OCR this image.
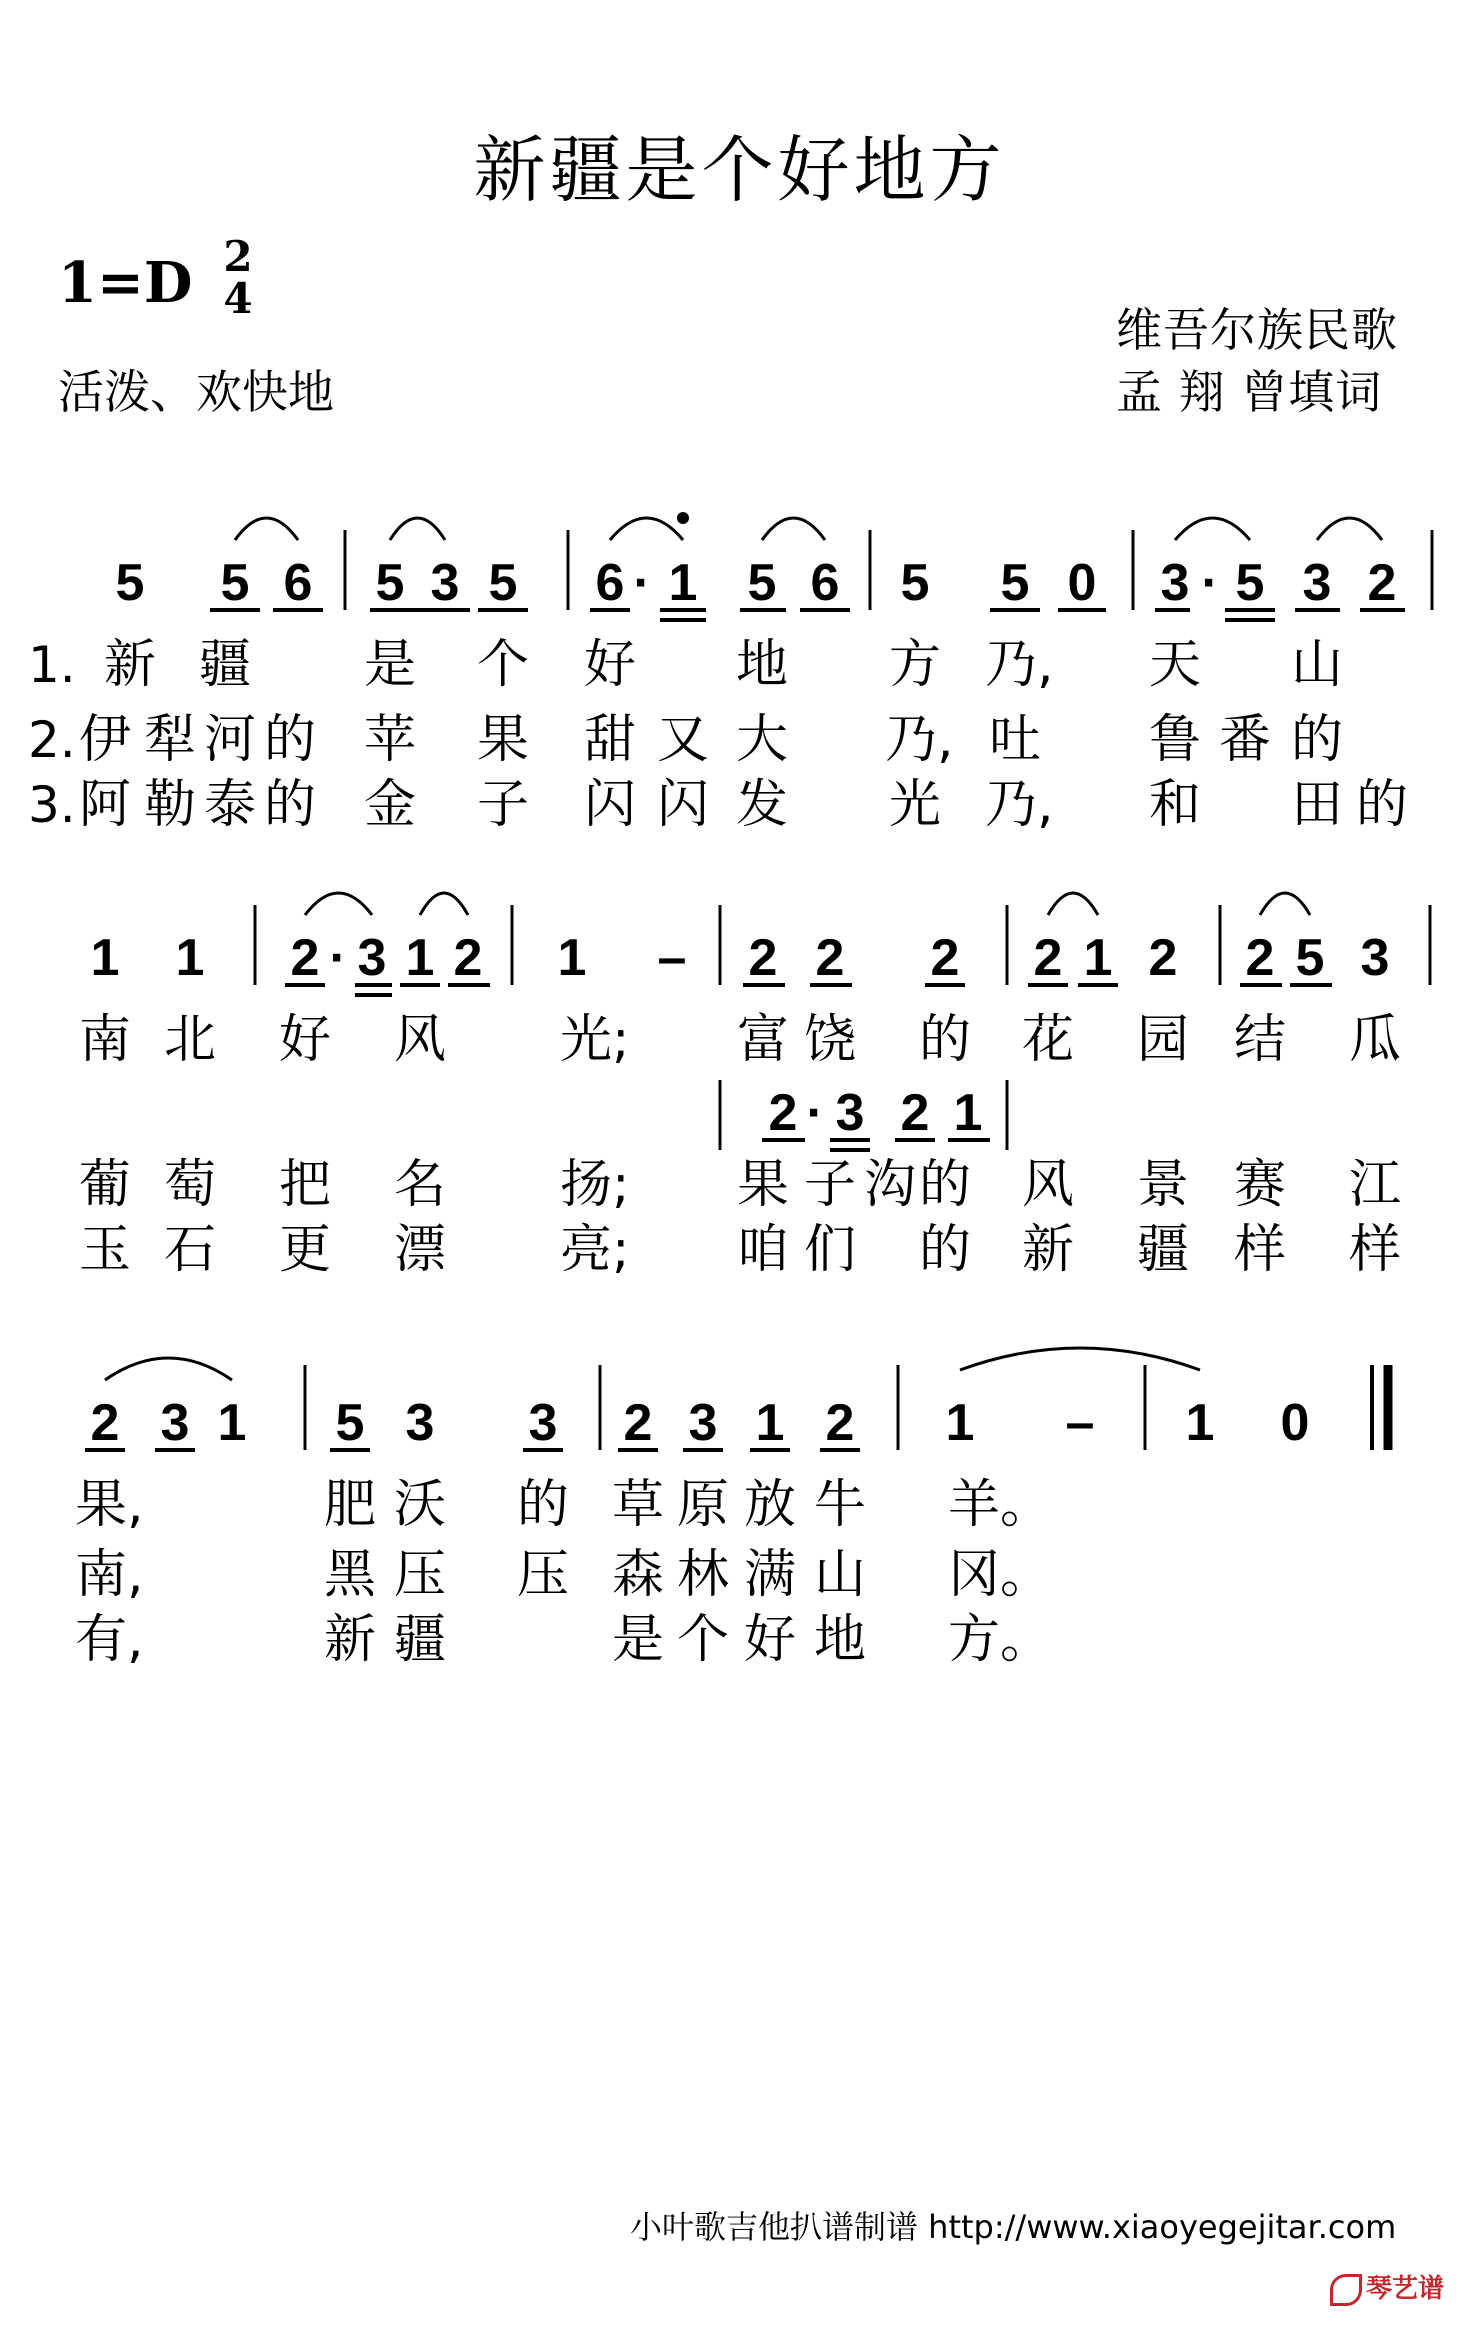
新疆是个好地方
1=D 2
4
活泼、欢快地
维吾尔族民歌
孟 翔 曾填词
5 5 6 5 3 5 6 · 1 5 6 5 5 0 3 · 5 3 2
1 1 2 · 3 1 2 1 – 2 2 2 2 1 2 2 5 3
2 · 3 2 1
2 3 1 5 3 3 2 3 1 2 1 – 1 0
1. 新 疆 是 个 好 地 方 乃, 天 山
2. 伊 犁 河 的 苹 果 甜 又 大 乃, 吐 鲁 番 的
3. 阿 勒 泰 的 金 子 闪 闪 发 光 乃, 和 田 的
南 北 好 风 光; 富 饶 的 花 园 结 瓜
葡 萄 把 名 扬; 果 子 沟 的 风 景 赛 江
玉 石 更 漂 亮; 咱 们 的 新 疆 样 样
果,	肥 沃 的 草 原 放 牛 羊。
南,	黑 压 压 森 林 满 山 冈。
有,	新 疆	是 个 好 地 方。
小叶歌吉他扒谱制谱 http://www.xiaoyegejitar.com
琴艺谱
